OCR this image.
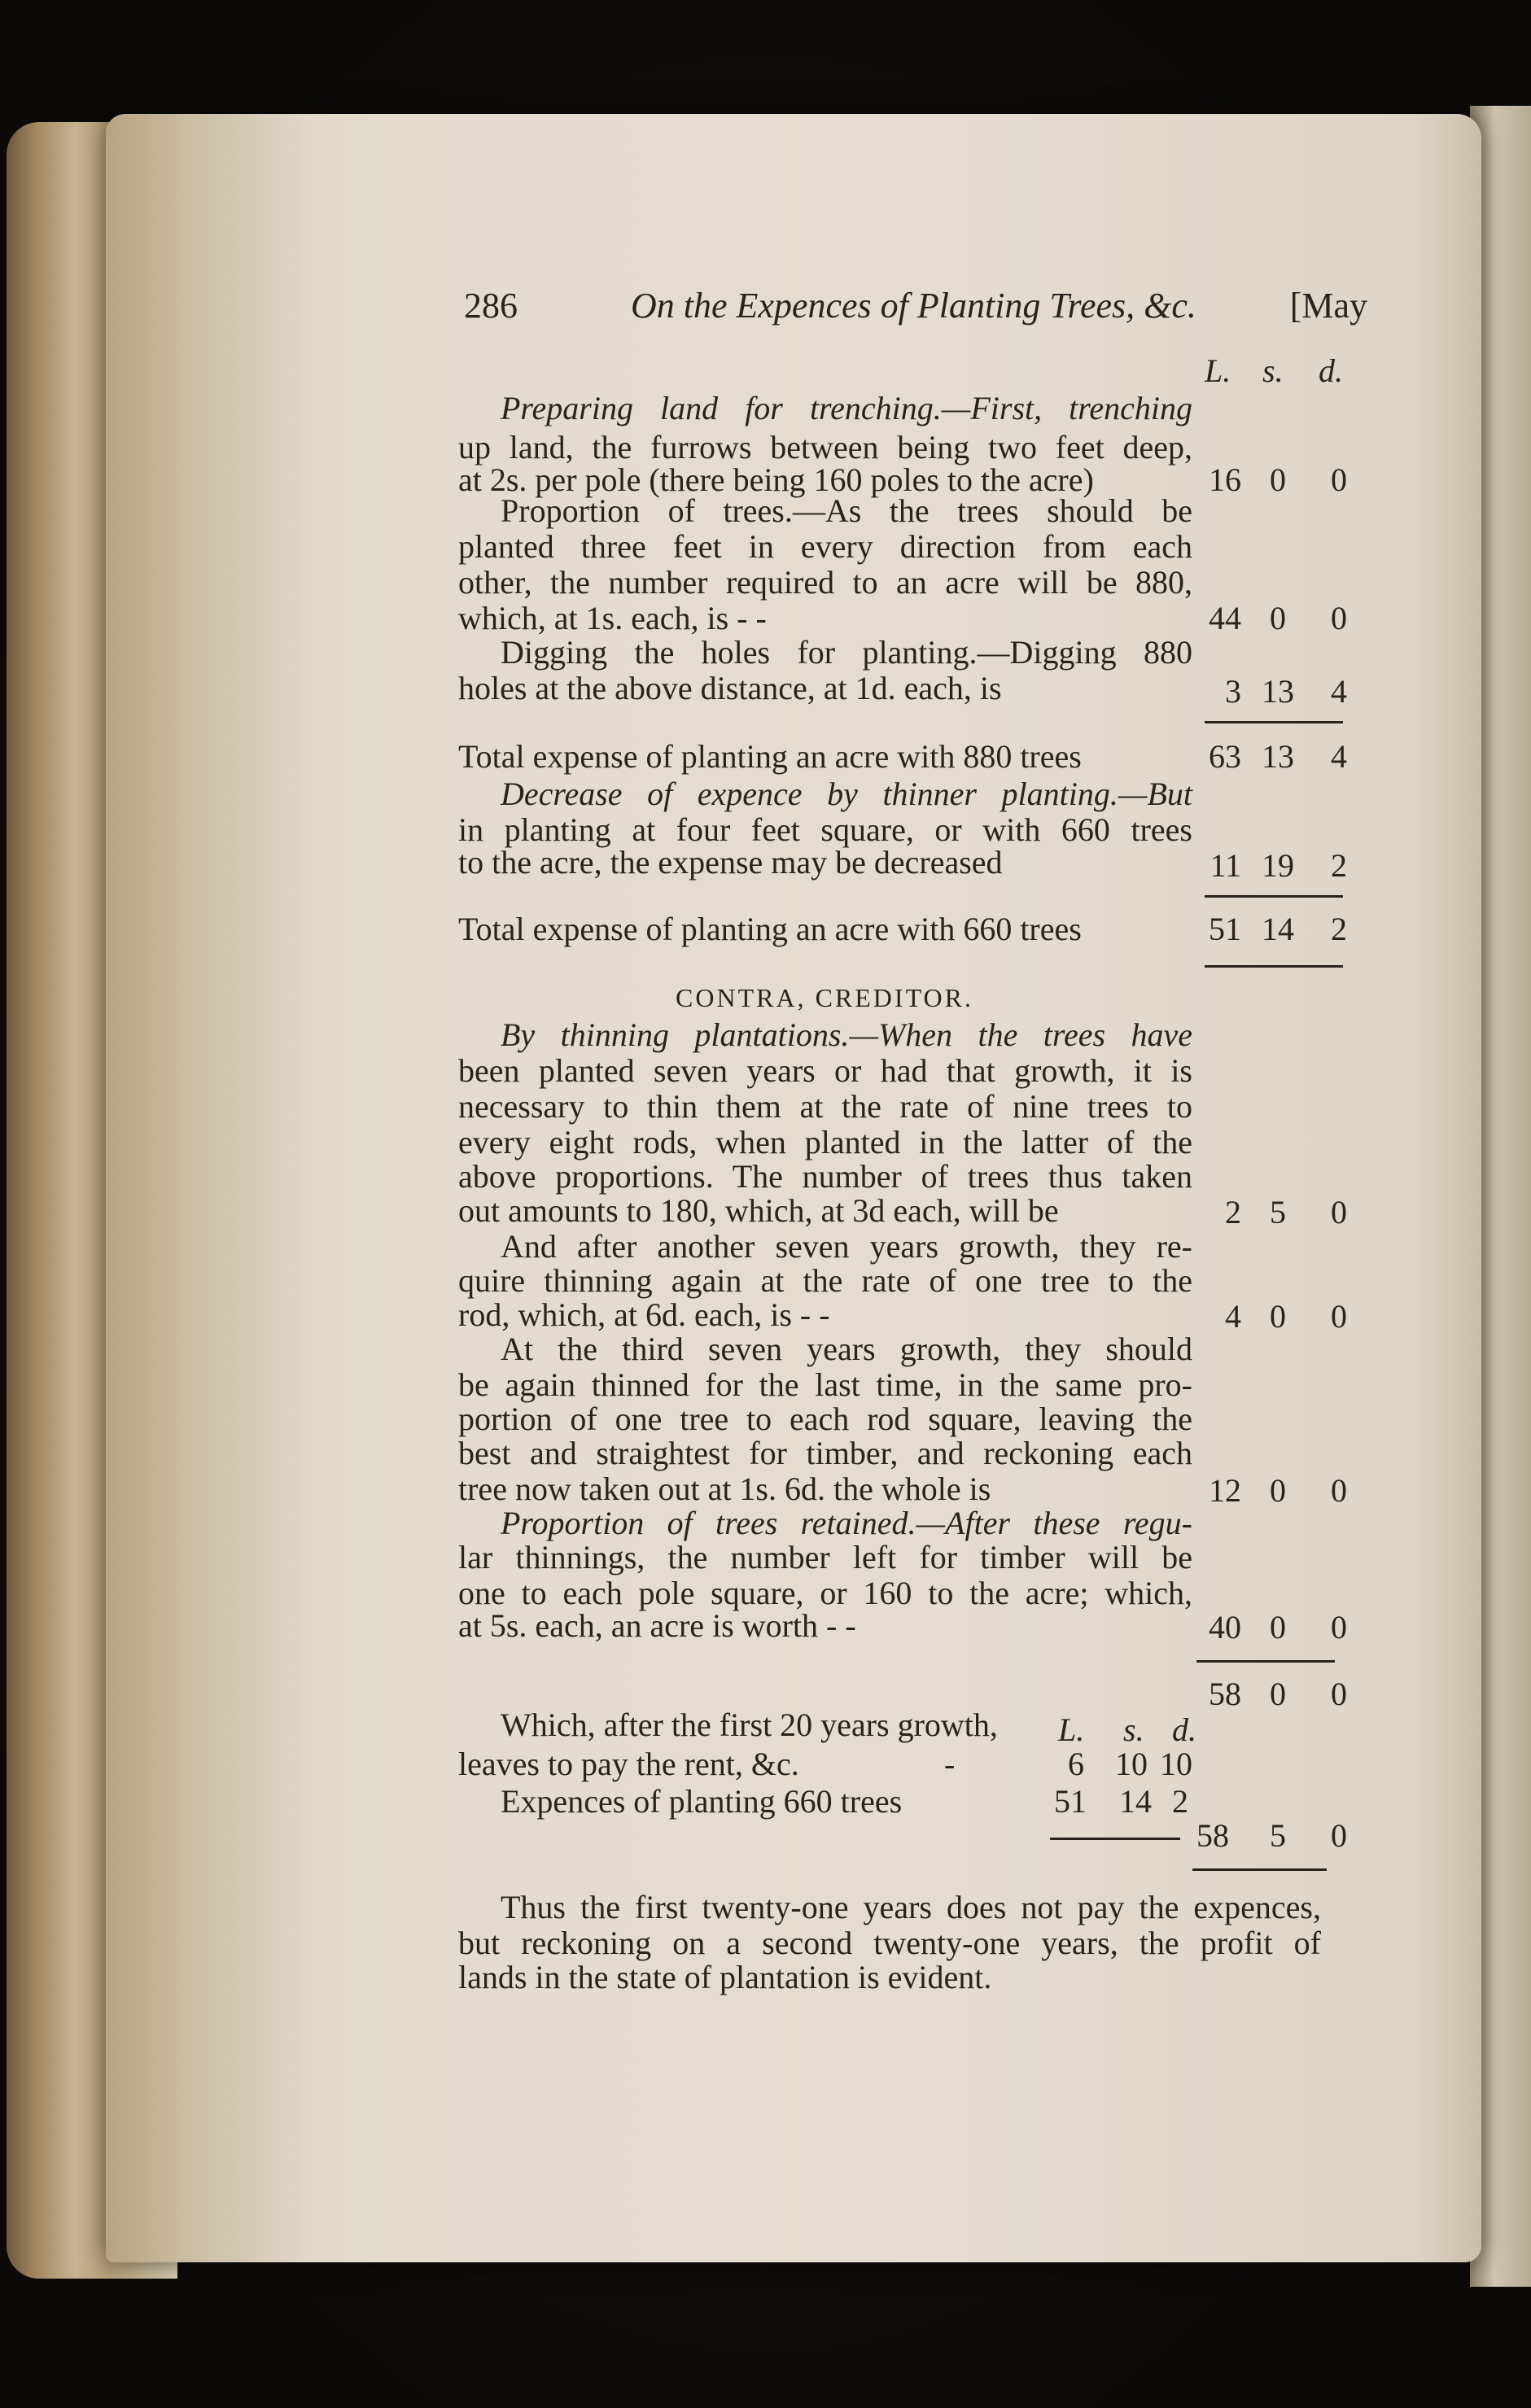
286	On the Expences of Planting Trees, &c.	[May
L. s. d.
Preparing land for trenching.—First, trenching
up land, the furrows between being two feet deep,
at 2s. per pole (there being 160 poles to the acre)	16 0	0
Proportion of trees.—As the trees should be
planted three feet in every direction from each
other, the number required to an acre will be 880,
which, at 1s. each, is - -	44 0	0
Digging the holes for planting.—Digging 880
holes at the above distance, at 1d. each, is	3 13	4
Total expense of planting an acre with 880 trees	63 13	4
Decrease of expence by thinner planting.—But
in planting at four feet square, or with 660 trees
to the acre, the expense may be decreased	11 19	2
Total expense of planting an acre with 660 trees	51 14	2
CONTRA, CREDITOR.
By thinning plantations.—When the trees have
been planted seven years or had that growth, it is
necessary to thin them at the rate of nine trees to
every eight rods, when planted in the latter of the
above proportions. The number of trees thus taken
out amounts to 180, which, at 3d each, will be	2 5	0
And after another seven years growth, they re-
quire thinning again at the rate of one tree to the
rod, which, at 6d. each, is - -	4 0	0
At the third seven years growth, they should
be again thinned for the last time, in the same pro-
portion of one tree to each rod square, leaving the
best and straightest for timber, and reckoning each
tree now taken out at 1s. 6d. the whole is	12 0	0
Proportion of trees retained.—After these regu-
lar thinnings, the number left for timber will be
one to each pole square, or 160 to the acre; which,
at 5s. each, an acre is worth - -	40 0	0
58 0	0
Which, after the first 20 years growth,	L. s. d.
leaves to pay the rent, &c.	-	6 10 10
Expences of planting 660 trees	51 14 2
58	5	0
Thus the first twenty-one years does not pay the expences,
but reckoning on a second twenty-one years, the profit of
lands in the state of plantation is evident.
